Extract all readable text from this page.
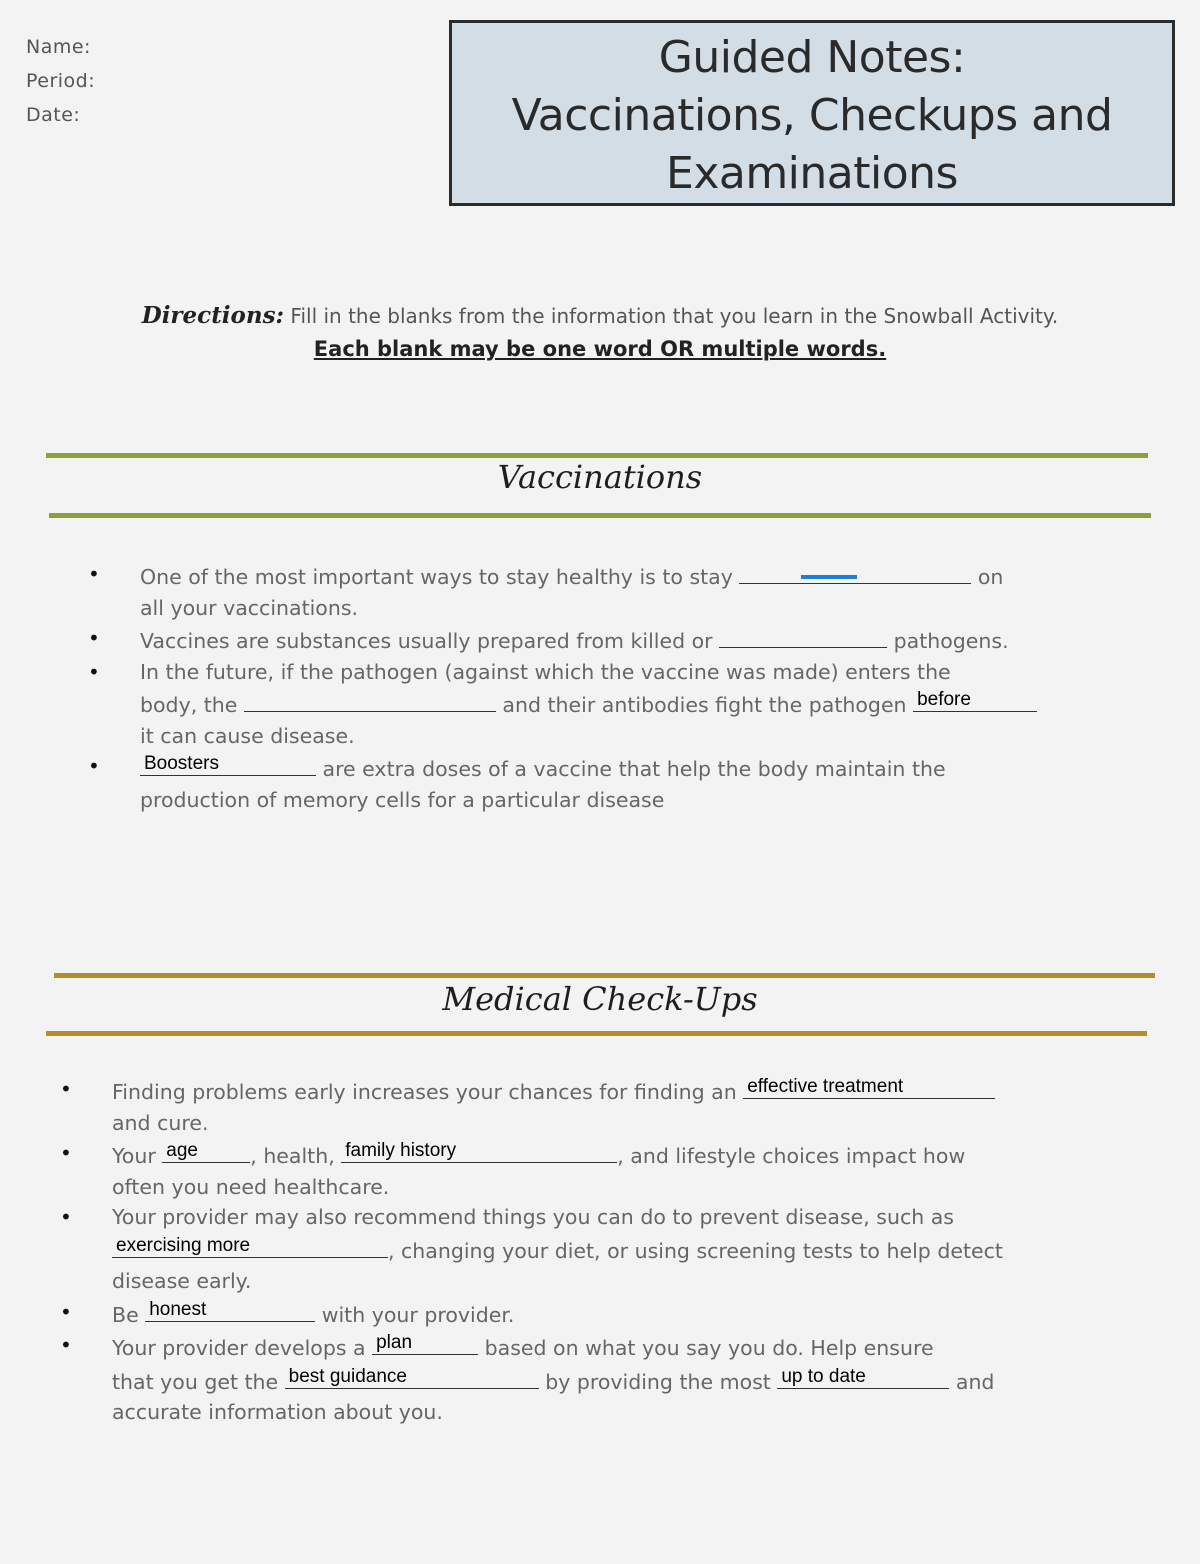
Name:
Period:
Date:
Guided Notes:
Vaccinations, Checkups and
Examinations
Directions: Fill in the blanks from the information that you learn in the Snowball Activity.
Each blank may be one word OR multiple words.
Vaccinations
• One of the most important ways to stay healthy is to stay	on
all your vaccinations.
• Vaccines are substances usually prepared from killed or	pathogens.
• In the future, if the pathogen (against which the vaccine was made) enters the
body, the	and their antibodies fight the pathogen before

it can cause disease.
• Boosters	are extra doses of a vaccine that help the body maintain the
production of memory cells for a particular disease
Medical Check-Ups
• Finding problems early increases your chances for finding an effective treatment

and cure.
• Your age	, health, family history	, and lifestyle choices impact how
often you need healthcare.
• Your provider may also recommend things you can do to prevent disease, such as

exercising more	, changing your diet, or using screening tests to help detect
disease early.
• Be honest	with your provider.
• Your provider develops a plan	based on what you say you do. Help ensure
that you get the best guidance	by providing the most up to date	and
accurate information about you.
